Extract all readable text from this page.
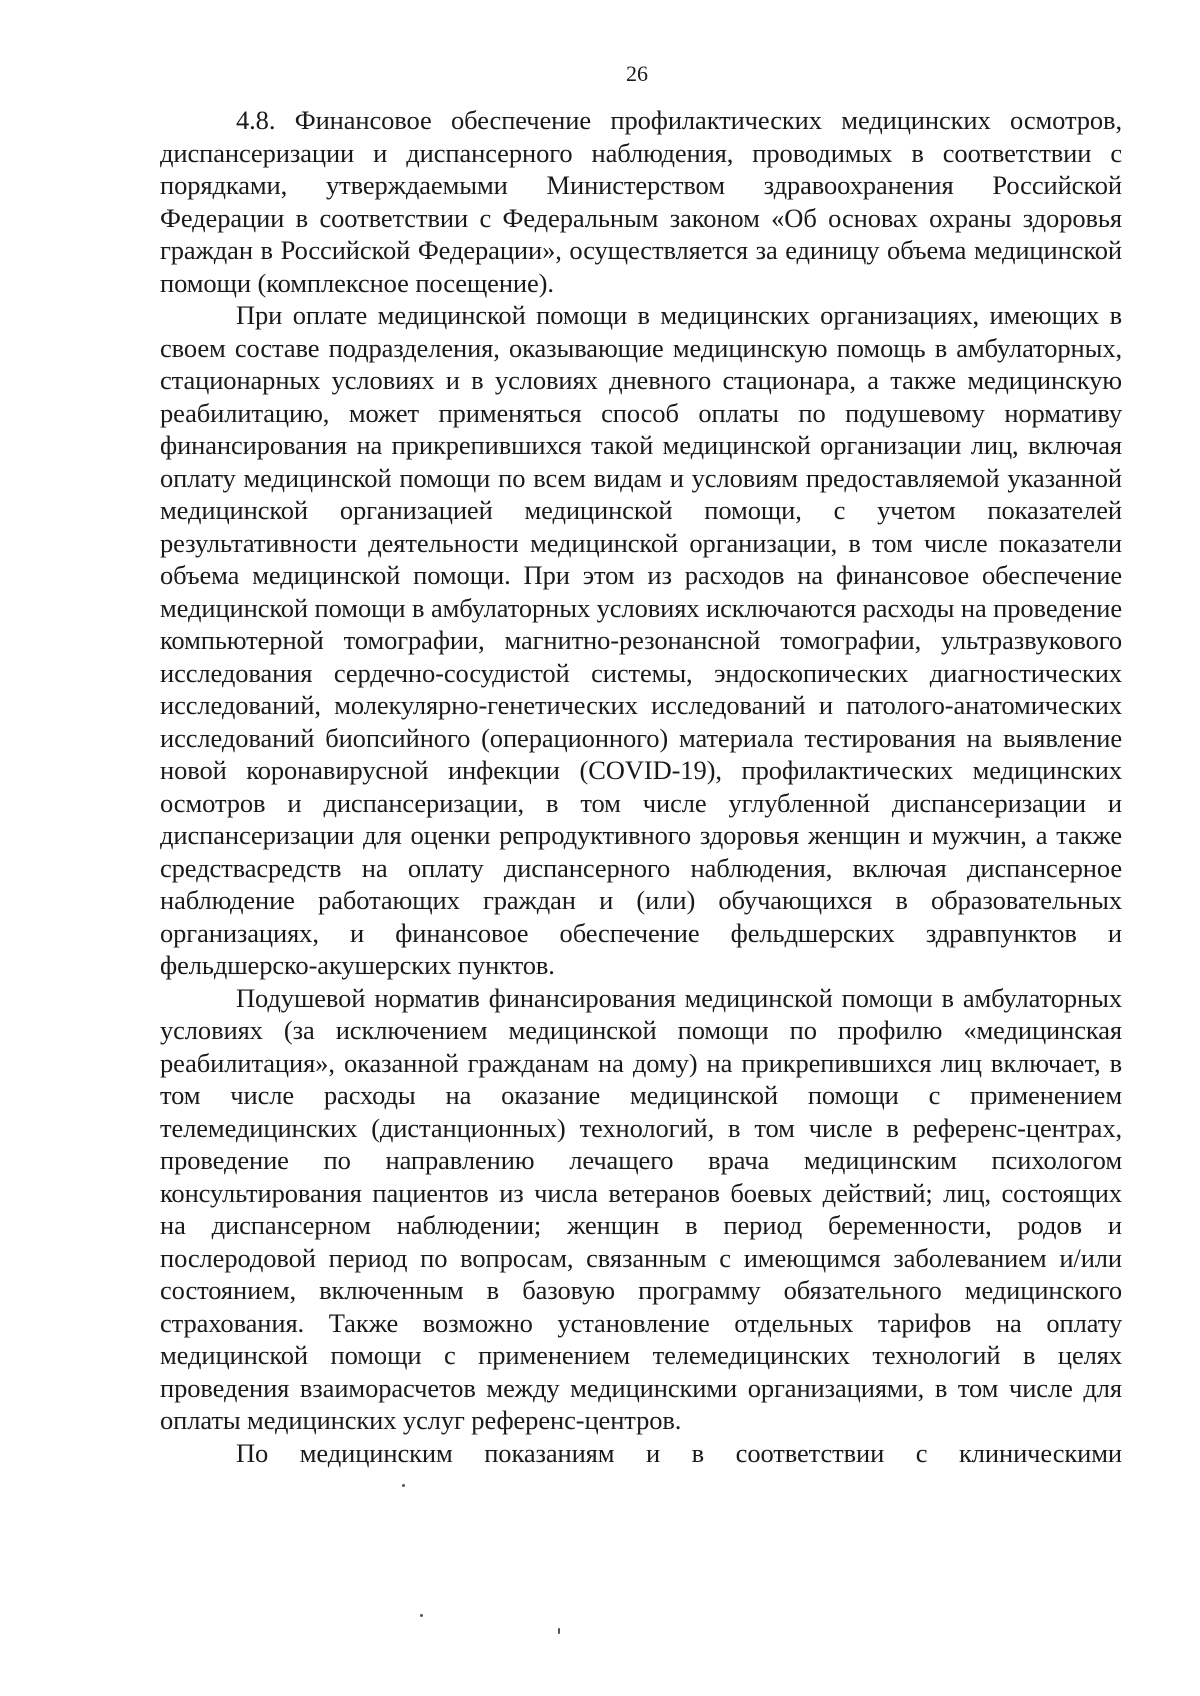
26

4.8. Финансовое обеспечение профилактических медицинских осмотров, диспансеризации и диспансерного наблюдения, проводимых в соответствии с порядками, утверждаемыми Министерством здравоохранения Российской Федерации в соответствии с Федеральным законом «Об основах охраны здоровья граждан в Российской Федерации», осуществляется за единицу объема медицинской помощи (комплексное посещение).

При оплате медицинской помощи в медицинских организациях, имеющих в своем составе подразделения, оказывающие медицинскую помощь в амбулаторных, стационарных условиях и в условиях дневного стационара, а также медицинскую реабилитацию, может применяться способ оплаты по подушевому нормативу финансирования на прикрепившихся такой медицинской организации лиц, включая оплату медицинской помощи по всем видам и условиям предоставляемой указанной медицинской организацией медицинской помощи, с учетом показателей результативности деятельности медицинской организации, в том числе показатели объема медицинской помощи. При этом из расходов на финансовое обеспечение медицинской помощи в амбулаторных условиях исключаются расходы на проведение компьютерной томографии, магнитно-резонансной томографии, ультразвукового исследования сердечно-сосудистой системы, эндоскопических диагностических исследований, молекулярно-генетических исследований и патолого-анатомических исследований биопсийного (операционного) материала тестирования на выявление новой коронавирусной инфекции (COVID-19), профилактических медицинских осмотров и диспансеризации, в том числе углубленной диспансеризации и диспансеризации для оценки репродуктивного здоровья женщин и мужчин, а также средствасредств на оплату диспансерного наблюдения, включая диспансерное наблюдение работающих граждан и (или) обучающихся в образовательных организациях, и финансовое обеспечение фельдшерских здравпунктов и фельдшерско-акушерских пунктов.

Подушевой норматив финансирования медицинской помощи в амбулаторных условиях (за исключением медицинской помощи по профилю «медицинская реабилитация», оказанной гражданам на дому) на прикрепившихся лиц включает, в том числе расходы на оказание медицинской помощи с применением телемедицинских (дистанционных) технологий, в том числе в референс-центрах, проведение по направлению лечащего врача медицинским психологом консультирования пациентов из числа ветеранов боевых действий; лиц, состоящих на диспансерном наблюдении; женщин в период беременности, родов и послеродовой период по вопросам, связанным с имеющимся заболеванием и/или состоянием, включенным в базовую программу обязательного медицинского страхования. Также возможно установление отдельных тарифов на оплату медицинской помощи с применением телемедицинских технологий в целях проведения взаиморасчетов между медицинскими организациями, в том числе для оплаты медицинских услуг референс-центров.

По медицинским показаниям и в соответствии с клиническими
